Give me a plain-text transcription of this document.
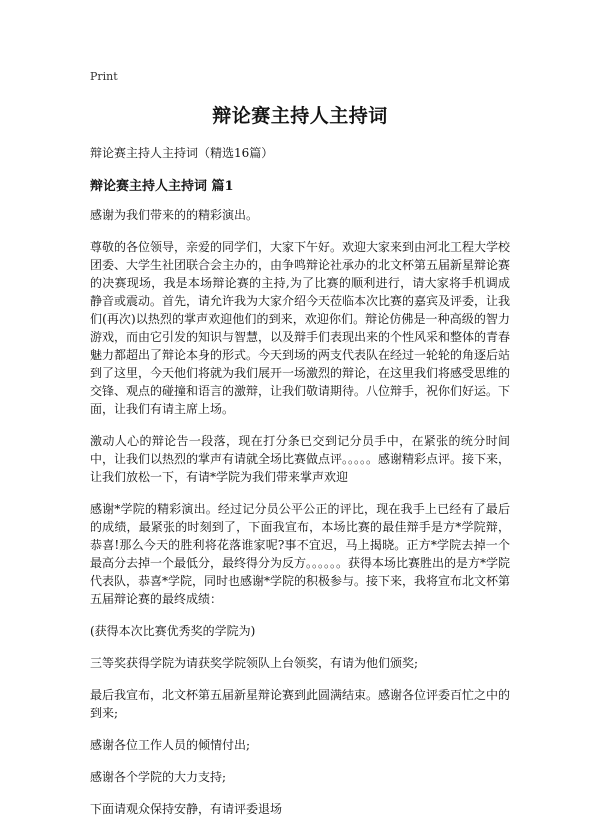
Print
辩论赛主持人主持词
辩论赛主持人主持词（精选16篇）
辩论赛主持人主持词 篇1

感谢为我们带来的的精彩演出。

尊敬的各位领导，亲爱的同学们，大家下午好。欢迎大家来到由河北工程大学校团委、大学生社团联合会主办的，由争鸣辩论社承办的北文杯第五届新星辩论赛的决赛现场，我是本场辩论赛的主持,为了比赛的顺利进行，请大家将手机调成静音或震动。首先，请允许我为大家介绍今天莅临本次比赛的嘉宾及评委，让我们(再次)以热烈的掌声欢迎他们的到来，欢迎你们。辩论仿佛是一种高级的智力游戏，而由它引发的知识与智慧，以及辩手们表现出来的个性风采和整体的青春魅力都超出了辩论本身的形式。今天到场的两支代表队在经过一轮轮的角逐后站到了这里，今天他们将就为我们展开一场激烈的辩论，在这里我们将感受思维的交锋、观点的碰撞和语言的激辩，让我们敬请期待。八位辩手，祝你们好运。下面，让我们有请主席上场。

激动人心的辩论告一段落，现在打分条已交到记分员手中，在紧张的统分时间中，让我们以热烈的掌声有请就全场比赛做点评。。。。。感谢精彩点评。接下来，让我们放松一下，有请*学院为我们带来掌声欢迎

感谢*学院的精彩演出。经过记分员公平公正的评比，现在我手上已经有了最后的成绩，最紧张的时刻到了，下面我宣布，本场比赛的最佳辩手是方*学院辩，恭喜!那么今天的胜利将花落谁家呢?事不宜迟，马上揭晓。正方*学院去掉一个最高分去掉一个最低分，最终得分为反方。。。。。。获得本场比赛胜出的是方*学院代表队，恭喜*学院，同时也感谢*学院的积极参与。接下来，我将宣布北文杯第五届辩论赛的最终成绩：

(获得本次比赛优秀奖的学院为)

三等奖获得学院为请获奖学院领队上台领奖，有请为他们颁奖;

最后我宣布，北文杯第五届新星辩论赛到此圆满结束。感谢各位评委百忙之中的到来;

感谢各位工作人员的倾情付出;

感谢各个学院的大力支持;

下面请观众保持安静，有请评委退场
